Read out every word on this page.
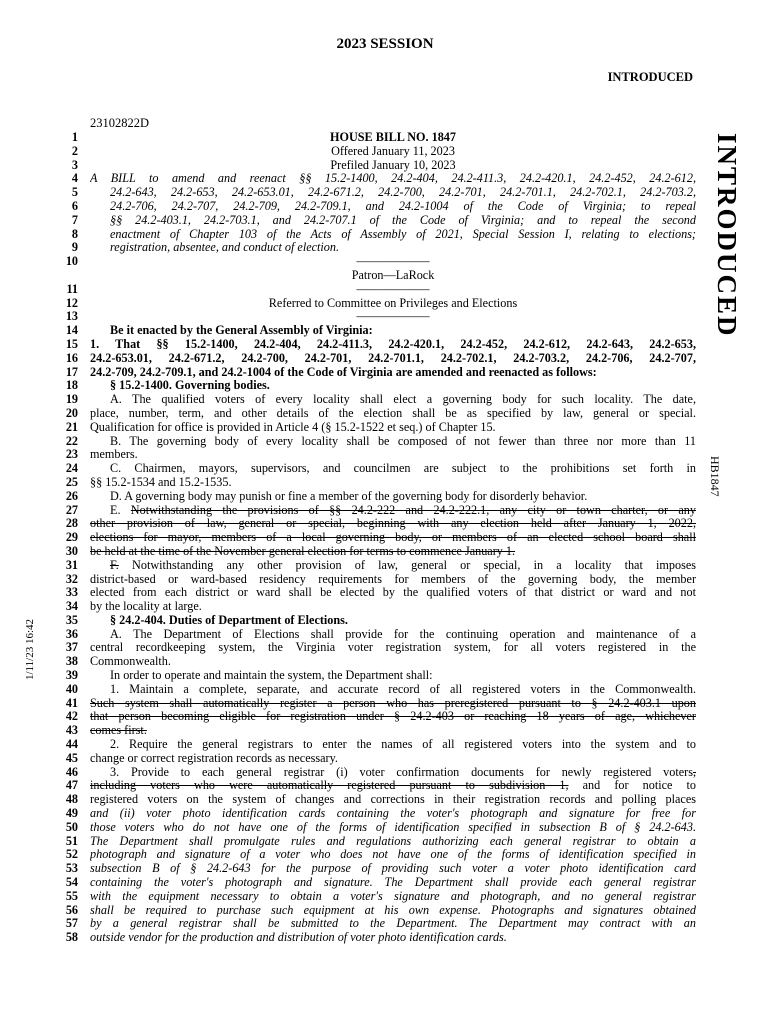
2023 SESSION
INTRODUCED
23102822D
INTRODUCED
HB1847
1/11/23 16:42
1	HOUSE BILL NO. 1847
2	Offered January 11, 2023
3	Prefiled January 10, 2023
4 A BILL to amend and reenact §§ 15.2-1400, 24.2-404, 24.2-411.3, 24.2-420.1, 24.2-452, 24.2-612,
5	24.2-643, 24.2-653, 24.2-653.01, 24.2-671.2, 24.2-700, 24.2-701, 24.2-701.1, 24.2-702.1, 24.2-703.2,
6	24.2-706, 24.2-707, 24.2-709, 24.2-709.1, and 24.2-1004 of the Code of Virginia; to repeal
7	§§ 24.2-403.1, 24.2-703.1, and 24.2-707.1 of the Code of Virginia; and to repeal the second
8	enactment of Chapter 103 of the Acts of Assembly of 2021, Special Session I, relating to elections;
9	registration, absentee, and conduct of election.
10	——————
Patron—LaRock
11	——————
12	Referred to Committee on Privileges and Elections
13	——————
14	Be it enacted by the General Assembly of Virginia:
15 1. That §§ 15.2-1400, 24.2-404, 24.2-411.3, 24.2-420.1, 24.2-452, 24.2-612, 24.2-643, 24.2-653,
16 24.2-653.01, 24.2-671.2, 24.2-700, 24.2-701, 24.2-701.1, 24.2-702.1, 24.2-703.2, 24.2-706, 24.2-707,
17 24.2-709, 24.2-709.1, and 24.2-1004 of the Code of Virginia are amended and reenacted as follows:
18	§ 15.2-1400. Governing bodies.
19	A. The qualified voters of every locality shall elect a governing body for such locality. The date,
20 place, number, term, and other details of the election shall be as specified by law, general or special.
21 Qualification for office is provided in Article 4 (§ 15.2-1522 et seq.) of Chapter 15.
22	B. The governing body of every locality shall be composed of not fewer than three nor more than 11
23 members.
24	C. Chairmen, mayors, supervisors, and councilmen are subject to the prohibitions set forth in
25 §§ 15.2-1534 and 15.2-1535.
26	D. A governing body may punish or fine a member of the governing body for disorderly behavior.
27	E. Notwithstanding the provisions of §§ 24.2-222 and 24.2-222.1, any city or town charter, or any
28 other provision of law, general or special, beginning with any election held after January 1, 2022,
29 elections for mayor, members of a local governing body, or members of an elected school board shall
30 be held at the time of the November general election for terms to commence January 1.
31	F. Notwithstanding any other provision of law, general or special, in a locality that imposes
32 district-based or ward-based residency requirements for members of the governing body, the member
33 elected from each district or ward shall be elected by the qualified voters of that district or ward and not
34 by the locality at large.
35	§ 24.2-404. Duties of Department of Elections.
36	A. The Department of Elections shall provide for the continuing operation and maintenance of a
37 central recordkeeping system, the Virginia voter registration system, for all voters registered in the
38 Commonwealth.
39	In order to operate and maintain the system, the Department shall:
40	1. Maintain a complete, separate, and accurate record of all registered voters in the Commonwealth.
41 Such system shall automatically register a person who has preregistered pursuant to § 24.2-403.1 upon
42 that person becoming eligible for registration under § 24.2-403 or reaching 18 years of age, whichever
43 comes first.
44	2. Require the general registrars to enter the names of all registered voters into the system and to
45 change or correct registration records as necessary.
46	3. Provide to each general registrar (i) voter confirmation documents for newly registered voters,
47 including voters who were automatically registered pursuant to subdivision 1, and for notice to
48 registered voters on the system of changes and corrections in their registration records and polling places
49 and (ii) voter photo identification cards containing the voter's photograph and signature for free for
50 those voters who do not have one of the forms of identification specified in subsection B of § 24.2-643.
51 The Department shall promulgate rules and regulations authorizing each general registrar to obtain a
52 photograph and signature of a voter who does not have one of the forms of identification specified in
53 subsection B of § 24.2-643 for the purpose of providing such voter a voter photo identification card
54 containing the voter's photograph and signature. The Department shall provide each general registrar
55 with the equipment necessary to obtain a voter's signature and photograph, and no general registrar
56 shall be required to purchase such equipment at his own expense. Photographs and signatures obtained
57 by a general registrar shall be submitted to the Department. The Department may contract with an
58 outside vendor for the production and distribution of voter photo identification cards.
